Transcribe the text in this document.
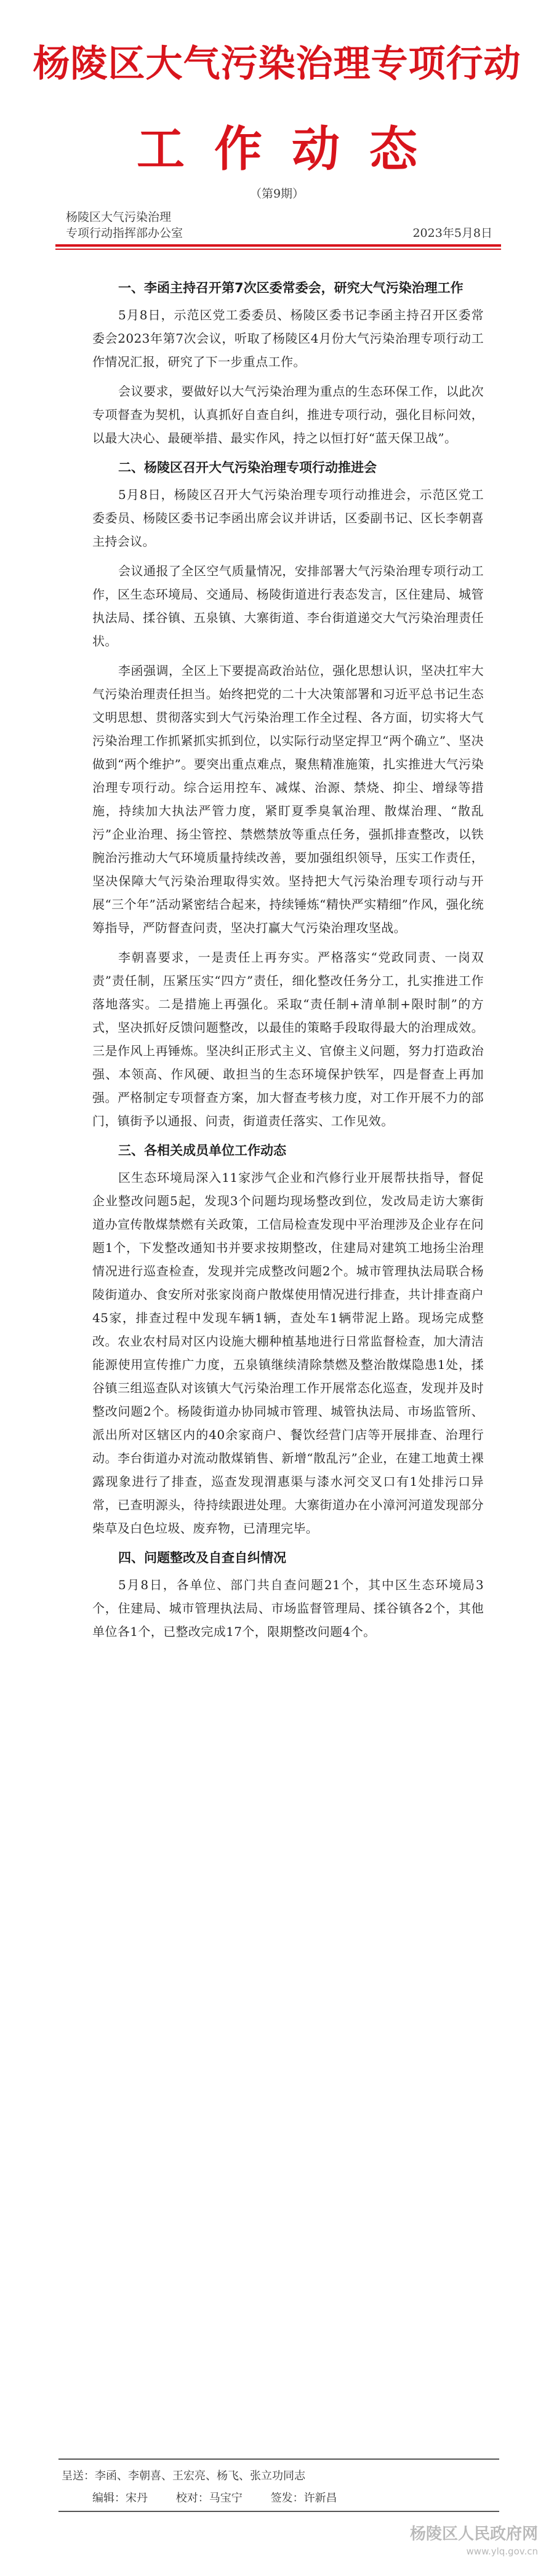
杨陵区大气污染治理专项行动
工作动态
（第9期）
杨陵区大气污染治理
专项行动指挥部办公室	2023年5月8日
一、李函主持召开第7次区委常委会，研究大气污染治理工作

5月8日，示范区党工委委员、杨陵区委书记李函主持召开区委常委会2023年第7次会议，听取了杨陵区4月份大气污染治理专项行动工作情况汇报，研究了下一步重点工作。

会议要求，要做好以大气污染治理为重点的生态环保工作，以此次专项督查为契机，认真抓好自查自纠，推进专项行动，强化目标问效，以最大决心、最硬举措、最实作风，持之以恒打好“蓝天保卫战”。

二、杨陵区召开大气污染治理专项行动推进会

5月8日，杨陵区召开大气污染治理专项行动推进会，示范区党工委委员、杨陵区委书记李函出席会议并讲话，区委副书记、区长李朝喜主持会议。

会议通报了全区空气质量情况，安排部署大气污染治理专项行动工作，区生态环境局、交通局、杨陵街道进行表态发言，区住建局、城管执法局、揉谷镇、五泉镇、大寨街道、李台街道递交大气污染治理责任状。

李函强调，全区上下要提高政治站位，强化思想认识，坚决扛牢大气污染治理责任担当。始终把党的二十大决策部署和习近平总书记生态文明思想、贯彻落实到大气污染治理工作全过程、各方面，切实将大气污染治理工作抓紧抓实抓到位，以实际行动坚定捍卫“两个确立”、坚决做到“两个维护”。要突出重点难点，聚焦精准施策，扎实推进大气污染治理专项行动。综合运用控车、减煤、治源、禁烧、抑尘、增绿等措施，持续加大执法严管力度，紧盯夏季臭氧治理、散煤治理、“散乱污”企业治理、扬尘管控、禁燃禁放等重点任务，强抓排查整改，以铁腕治污推动大气环境质量持续改善，要加强组织领导，压实工作责任，坚决保障大气污染治理取得实效。坚持把大气污染治理专项行动与开展“三个年”活动紧密结合起来，持续锤炼“精快严实精细”作风，强化统筹指导，严防督查问责，坚决打赢大气污染治理攻坚战。

李朝喜要求，一是责任上再夯实。严格落实“党政同责、一岗双责”责任制，压紧压实“四方”责任，细化整改任务分工，扎实推进工作落地落实。二是措施上再强化。采取“责任制+清单制+限时制”的方式，坚决抓好反馈问题整改，以最佳的策略手段取得最大的治理成效。三是作风上再锤炼。坚决纠正形式主义、官僚主义问题，努力打造政治强、本领高、作风硬、敢担当的生态环境保护铁军，四是督查上再加强。严格制定专项督查方案，加大督查考核力度，对工作开展不力的部门，镇街予以通报、问责，街道责任落实、工作见效。

三、各相关成员单位工作动态

区生态环境局深入11家涉气企业和汽修行业开展帮扶指导，督促企业整改问题5起，发现3个问题均现场整改到位，发改局走访大寨街道办宣传散煤禁燃有关政策，工信局检查发现中平治理涉及企业存在问题1个，下发整改通知书并要求按期整改，住建局对建筑工地扬尘治理情况进行巡查检查，发现并完成整改问题2个。城市管理执法局联合杨陵街道办、食安所对张家岗商户散煤使用情况进行排查，共计排查商户45家，排查过程中发现车辆1辆，查处车1辆带泥上路。现场完成整改。农业农村局对区内设施大棚种植基地进行日常监督检查，加大清洁能源使用宣传推广力度，五泉镇继续清除禁燃及整治散煤隐患1处，揉谷镇三组巡查队对该镇大气污染治理工作开展常态化巡查，发现并及时整改问题2个。杨陵街道办协同城市管理、城管执法局、市场监管所、派出所对区辖区内的40余家商户、餐饮经营门店等开展排查、治理行动。李台街道办对流动散煤销售、新增“散乱污”企业，在建工地黄土裸露现象进行了排查，巡查发现渭惠渠与漆水河交叉口有1处排污口异常，已查明源头，待持续跟进处理。大寨街道办在小漳河河道发现部分柴草及白色垃圾、废弃物，已清理完毕。

四、问题整改及自查自纠情况

5月8日，各单位、部门共自查问题21个，其中区生态环境局3个，住建局、城市管理执法局、市场监督管理局、揉谷镇各2个，其他单位各1个，已整改完成17个，限期整改问题4个。

呈送：李函、李朝喜、王宏亮、杨飞、张立功同志
编辑：宋丹	校对：马宝宁	签发：许新昌
杨陵区人民政府网
www.ylq.gov.cn
